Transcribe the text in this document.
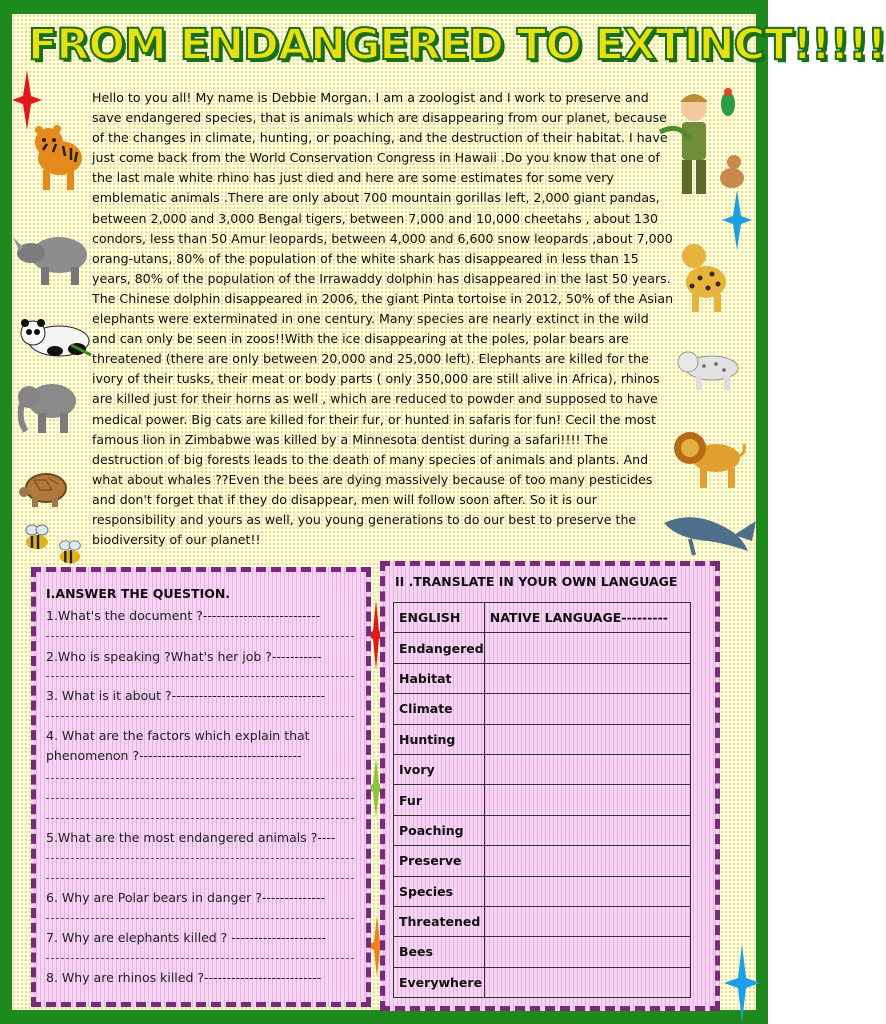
FROM ENDANGERED TO EXTINCT!!!!!
Hello to you all! My name is Debbie Morgan. I am a zoologist and I work to preserve and save endangered species, that is animals which are disappearing from our planet, because of the changes in climate, hunting, or poaching, and the destruction of their habitat. I have just come back from the World Conservation Congress in Hawaii .Do you know that one of the last male white rhino has just died and here are some estimates for some very emblematic animals .There are only about 700 mountain gorillas left, 2,000 giant pandas, between 2,000 and 3,000 Bengal tigers, between 7,000 and 10,000 cheetahs , about 130 condors, less than 50 Amur leopards, between 4,000 and 6,600 snow leopards ,about 7,000 orang-utans, 80% of the population of the white shark has disappeared in less than 15 years, 80% of the population of the Irrawaddy dolphin has disappeared in the last 50 years. The Chinese dolphin disappeared in 2006, the giant Pinta tortoise in 2012, 50% of the Asian elephants were exterminated in one century. Many species are nearly extinct in the wild and can only be seen in zoos!!With the ice disappearing at the poles, polar bears are threatened (there are only between 20,000 and 25,000 left). Elephants are killed for the ivory of their tusks, their meat or body parts ( only 350,000 are still alive in Africa), rhinos are killed just for their horns as well , which are reduced to powder and supposed to have medical power. Big cats are killed for their fur, or hunted in safaris for fun! Cecil the most famous lion in Zimbabwe was killed by a Minnesota dentist during a safari!!!! The destruction of big forests leads to the death of many species of animals and plants. And what about whales ??Even the bees are dying massively because of too many pesticides and don't forget that if they do disappear, men will follow soon after. So it is our responsibility and yours as well, you young generations to do our best to preserve the biodiversity of our planet!!
I.ANSWER THE QUESTION.
1.What's the document ?--------------------------
2.Who is speaking ?What's her job ?-----------
3. What is it about ?----------------------------------
4. What are the factors which explain that phenomenon ?------------------------------------
5.What are the most endangered animals ?----
6. Why are Polar bears in danger ?--------------
7. Why are elephants killed ? ---------------------
8. Why are rhinos killed ?--------------------------
II .TRANSLATE IN YOUR OWN LANGUAGE
ENGLISH	NATIVE LANGUAGE---------
Endangered	
Habitat	
Climate	
Hunting	
Ivory	
Fur	
Poaching	
Preserve	
Species	
Threatened	
Bees	
Everywhere	
